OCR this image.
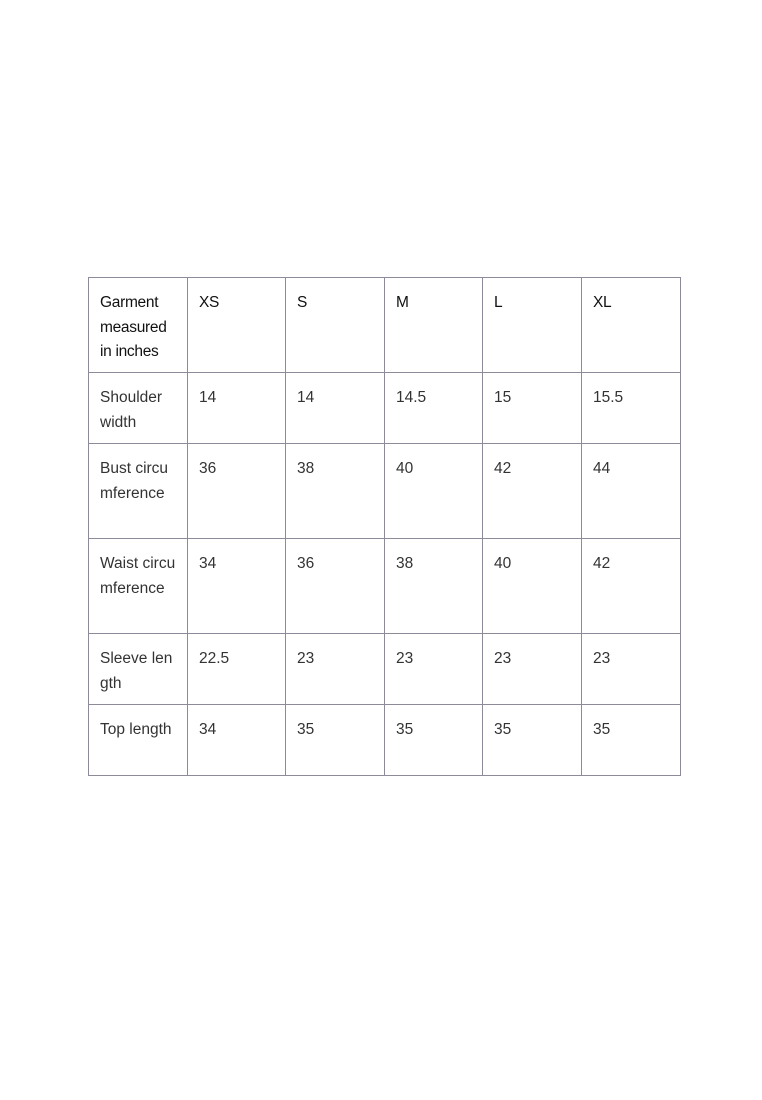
Garment measured in inches	XS	S	M	L	XL

Shoulder width	14	14	14.5	15	15.5

Bust circumference	36	38	40	42	44

Waist circumference	34	36	38	40	42

Sleeve length	22.5	23	23	23	23

Top length	34	35	35	35	35
